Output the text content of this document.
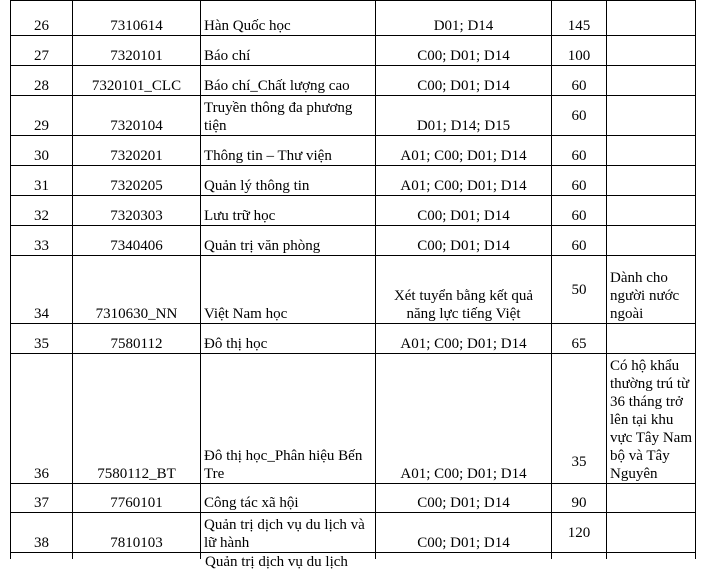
26	7310614	Hàn Quốc học	D01; D14	145	
27	7320101	Báo chí	C00; D01; D14	100	
28	7320101_CLC	Báo chí_Chất lượng cao	C00; D01; D14	60	
29	7320104	Truyền thông đa phương tiện	D01; D14; D15	60	
30	7320201	Thông tin – Thư viện	A01; C00; D01; D14	60	
31	7320205	Quản lý thông tin	A01; C00; D01; D14	60	
32	7320303	Lưu trữ học	C00; D01; D14	60	
33	7340406	Quản trị văn phòng	C00; D01; D14	60	
34	7310630_NN	Việt Nam học	Xét tuyển bằng kết quả năng lực tiếng Việt	50	Dành cho người nước ngoài
35	7580112	Đô thị học	A01; C00; D01; D14	65	
36	7580112_BT	Đô thị học_Phân hiệu Bến Tre	A01; C00; D01; D14	35	Có hộ khẩu thường trú từ 36 tháng trở lên tại khu vực Tây Nam bộ và Tây Nguyên
37	7760101	Công tác xã hội	C00; D01; D14	90	
38	7810103	Quản trị dịch vụ du lịch và lữ hành	C00; D01; D14	120	

		Quản trị dịch vụ du lịch			
